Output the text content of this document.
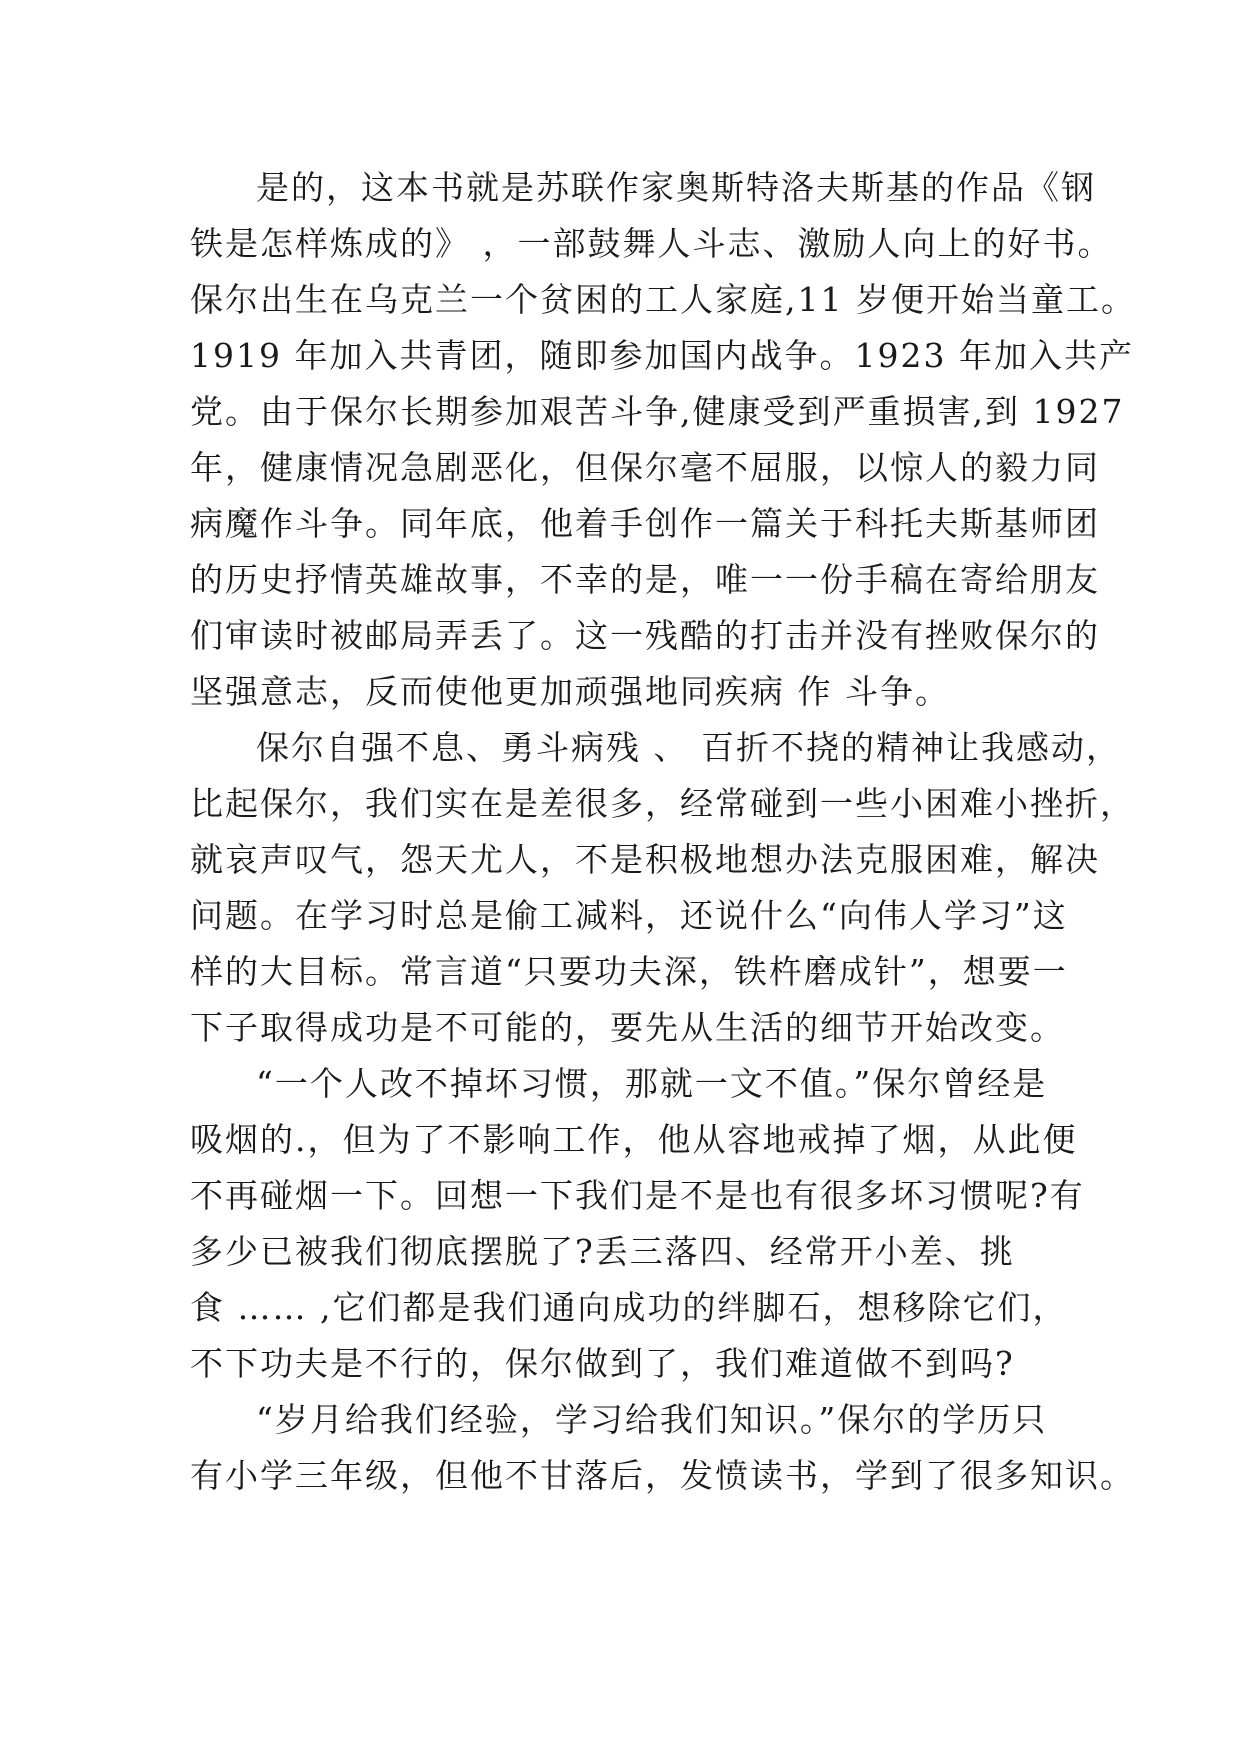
是的，这本书就是苏联作家奥斯特洛夫斯基的作品《钢
铁是怎样炼成的》 ，一部鼓舞人斗志、激励人向上的好书。
保尔出生在乌克兰一个贫困的工人家庭,11 岁便开始当童工。
1919 年加入共青团，随即参加国内战争。1923 年加入共产
党。由于保尔长期参加艰苦斗争,健康受到严重损害,到 1927
年，健康情况急剧恶化，但保尔毫不屈服，以惊人的毅力同
病魔作斗争。同年底，他着手创作一篇关于科托夫斯基师团
的历史抒情英雄故事，不幸的是，唯一一份手稿在寄给朋友
们审读时被邮局弄丢了。这一残酷的打击并没有挫败保尔的
坚强意志，反而使他更加顽强地同疾病 作 斗争。
保尔自强不息、勇斗病残 、 百折不挠的精神让我感动，
比起保尔，我们实在是差很多，经常碰到一些小困难小挫折，
就哀声叹气，怨天尤人，不是积极地想办法克服困难，解决
问题。在学习时总是偷工减料，还说什么“向伟人学习”这
样的大目标。常言道“只要功夫深，铁杵磨成针”，想要一
下子取得成功是不可能的，要先从生活的细节开始改变。
“一个人改不掉坏习惯，那就一文不值。”保尔曾经是
吸烟的.，但为了不影响工作，他从容地戒掉了烟，从此便
不再碰烟一下。回想一下我们是不是也有很多坏习惯呢?有
多少已被我们彻底摆脱了?丢三落四、经常开小差、挑
食 …… ,它们都是我们通向成功的绊脚石，想移除它们，
不下功夫是不行的，保尔做到了，我们难道做不到吗?
“岁月给我们经验，学习给我们知识。”保尔的学历只
有小学三年级，但他不甘落后，发愤读书，学到了很多知识。
